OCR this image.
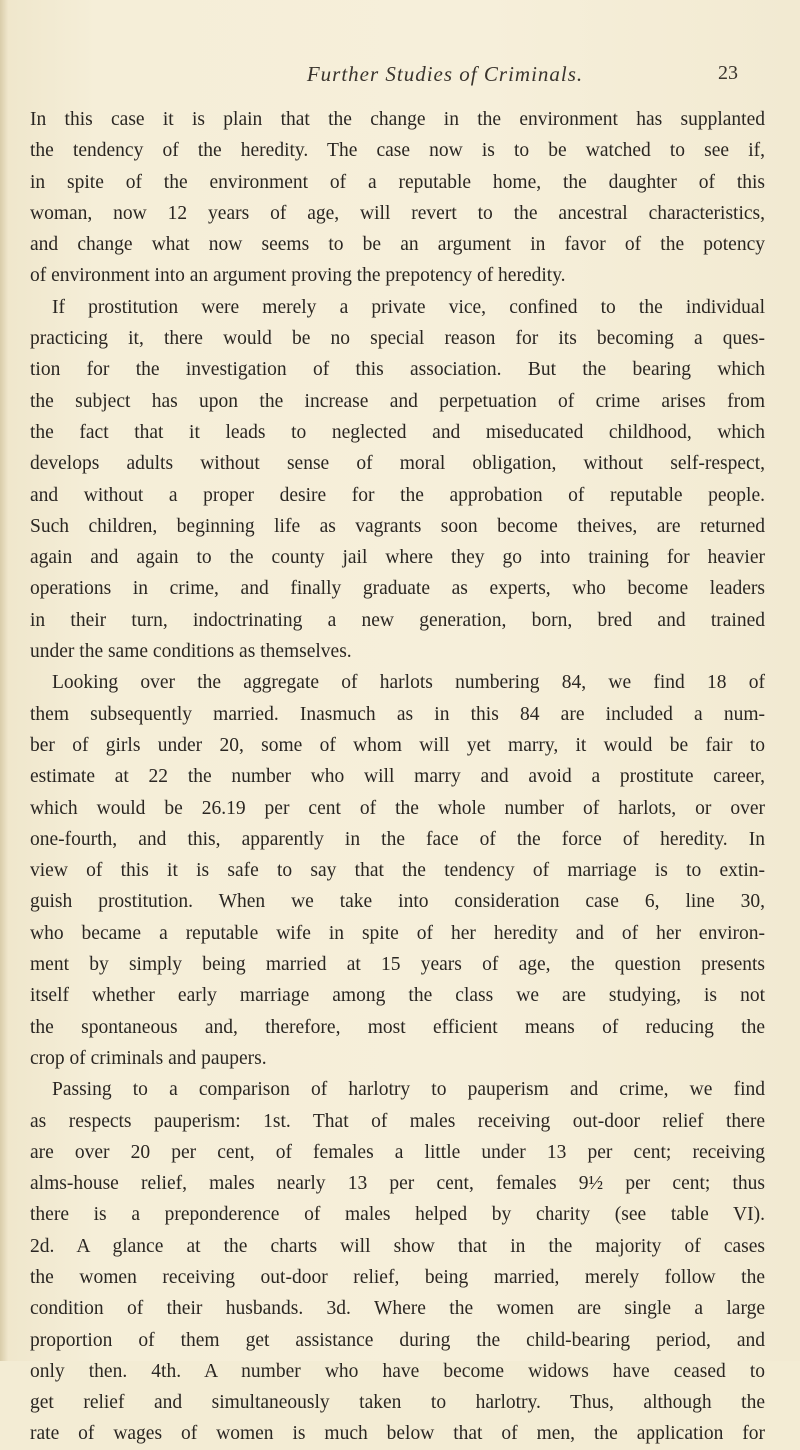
Further Studies of Criminals.	23
In this case it is plain that the change in the environment has supplanted
the tendency of the heredity. The case now is to be watched to see if,
in spite of the environment of a reputable home, the daughter of this
woman, now 12 years of age, will revert to the ancestral characteristics,
and change what now seems to be an argument in favor of the potency
of environment into an argument proving the prepotency of heredity.
If prostitution were merely a private vice, confined to the individual
practicing it, there would be no special reason for its becoming a ques-
tion for the investigation of this association. But the bearing which
the subject has upon the increase and perpetuation of crime arises from
the fact that it leads to neglected and miseducated childhood, which
develops adults without sense of moral obligation, without self-respect,
and without a proper desire for the approbation of reputable people.
Such children, beginning life as vagrants soon become theives, are returned
again and again to the county jail where they go into training for heavier
operations in crime, and finally graduate as experts, who become leaders
in their turn, indoctrinating a new generation, born, bred and trained
under the same conditions as themselves.
Looking over the aggregate of harlots numbering 84, we find 18 of
them subsequently married. Inasmuch as in this 84 are included a num-
ber of girls under 20, some of whom will yet marry, it would be fair to
estimate at 22 the number who will marry and avoid a prostitute career,
which would be 26.19 per cent of the whole number of harlots, or over
one-fourth, and this, apparently in the face of the force of heredity. In
view of this it is safe to say that the tendency of marriage is to extin-
guish prostitution. When we take into consideration case 6, line 30,
who became a reputable wife in spite of her heredity and of her environ-
ment by simply being married at 15 years of age, the question presents
itself whether early marriage among the class we are studying, is not
the spontaneous and, therefore, most efficient means of reducing the
crop of criminals and paupers.
Passing to a comparison of harlotry to pauperism and crime, we find
as respects pauperism: 1st. That of males receiving out-door relief there
are over 20 per cent, of females a little under 13 per cent; receiving
alms-house relief, males nearly 13 per cent, females 9½ per cent; thus
there is a preponderence of males helped by charity (see table VI).
2d. A glance at the charts will show that in the majority of cases
the women receiving out-door relief, being married, merely follow the
condition of their husbands. 3d. Where the women are single a large
proportion of them get assistance during the child-bearing period, and
only then. 4th. A number who have become widows have ceased to
get relief and simultaneously taken to harlotry. Thus, although the
rate of wages of women is much below that of men, the application for
